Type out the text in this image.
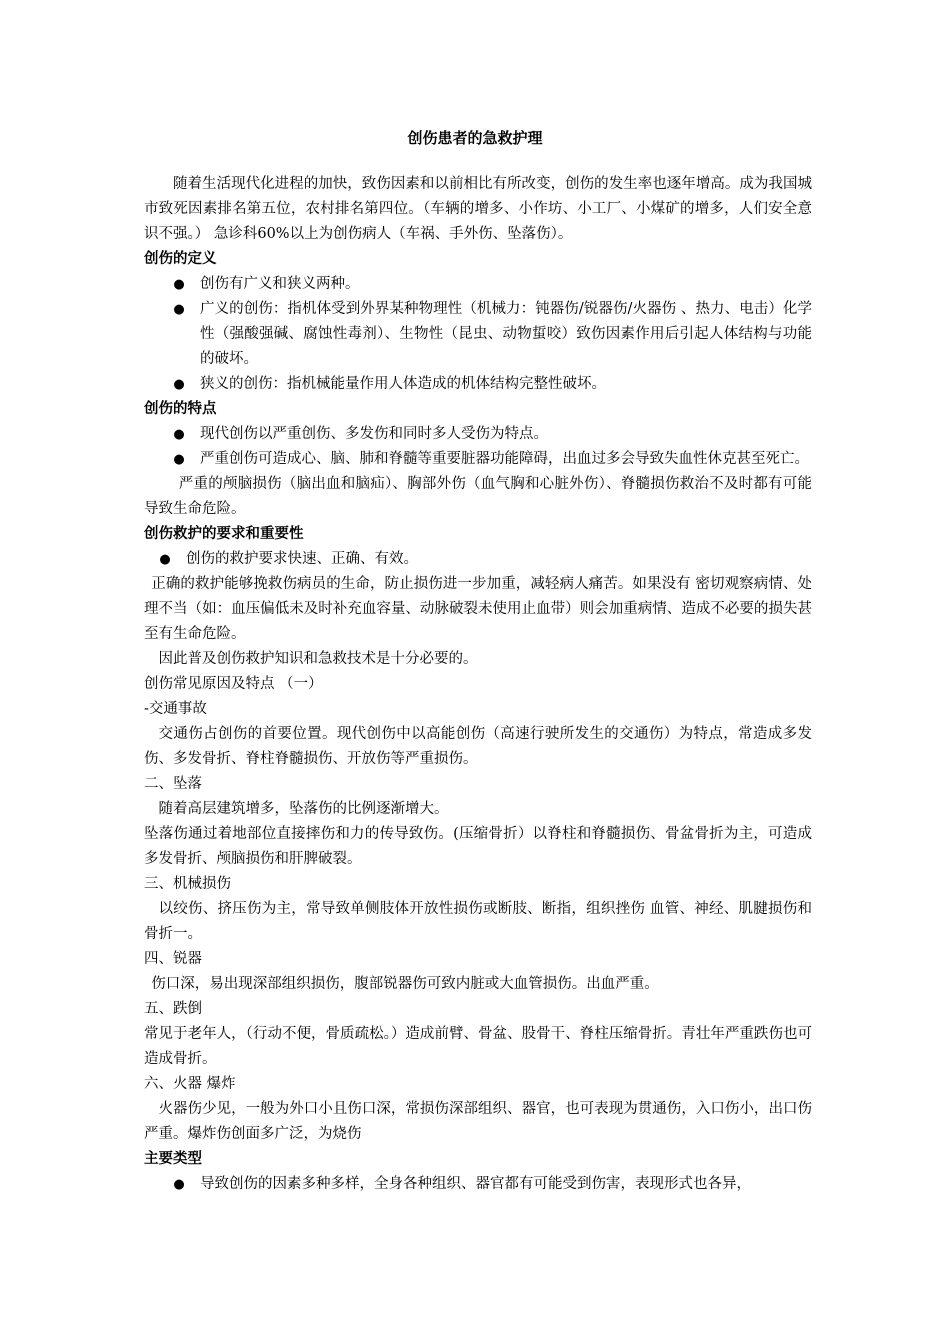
创伤患者的急救护理

随着生活现代化进程的加快，致伤因素和以前相比有所改变，创伤的发生率也逐年增高。成为我国城市致死因素排名第五位，农村排名第四位。（车辆的增多、小作坊、小工厂、小煤矿的增多，人们安全意识不强。） 急诊科60%以上为创伤病人（车祸、手外伤、坠落伤）。

创伤的定义

● 创伤有广义和狭义两种。
● 广义的创伤：指机体受到外界某种物理性（机械力：钝器伤/锐器伤/火器伤 、热力、电击）化学性（强酸强碱、腐蚀性毒剂）、生物性（昆虫、动物蜇咬）致伤因素作用后引起人体结构与功能的破坏。
● 狭义的创伤：指机械能量作用人体造成的机体结构完整性破坏。

创伤的特点

● 现代创伤以严重创伤、多发伤和同时多人受伤为特点。
● 严重创伤可造成心、脑、肺和脊髓等重要脏器功能障碍，出血过多会导致失血性休克甚至死亡。

严重的颅脑损伤（脑出血和脑疝）、胸部外伤（血气胸和心脏外伤）、脊髓损伤救治不及时都有可能导致生命危险。

创伤救护的要求和重要性

● 创伤的救护要求快速、正确、有效。

正确的救护能够挽救伤病员的生命，防止损伤进一步加重，减轻病人痛苦。如果没有 密切观察病情、处理不当（如：血压偏低未及时补充血容量、动脉破裂未使用止血带）则会加重病情、造成不必要的损失甚至有生命危险。

因此普及创伤救护知识和急救技术是十分必要的。

创伤常见原因及特点 （一）

-交通事故

交通伤占创伤的首要位置。现代创伤中以高能创伤（高速行驶所发生的交通伤）为特点，常造成多发伤、多发骨折、脊柱脊髓损伤、开放伤等严重损伤。

二、坠落

随着高层建筑增多，坠落伤的比例逐渐增大。

坠落伤通过着地部位直接摔伤和力的传导致伤。(压缩骨折）以脊柱和脊髓损伤、骨盆骨折为主，可造成多发骨折、颅脑损伤和肝脾破裂。

三、机械损伤

以绞伤、挤压伤为主，常导致单侧肢体开放性损伤或断肢、断指，组织挫伤 血管、神经、肌腱损伤和骨折一。

四、锐器

伤口深，易出现深部组织损伤，腹部锐器伤可致内脏或大血管损伤。出血严重。

五、跌倒

常见于老年人，（行动不便，骨质疏松。）造成前臂、骨盆、股骨干、脊柱压缩骨折。青壮年严重跌伤也可造成骨折。

六、火器 爆炸

火器伤少见，一般为外口小且伤口深，常损伤深部组织、器官，也可表现为贯通伤，入口伤小，出口伤严重。爆炸伤创面多广泛，为烧伤

主要类型

● 导致创伤的因素多种多样，全身各种组织、器官都有可能受到伤害，表现形式也各异，
